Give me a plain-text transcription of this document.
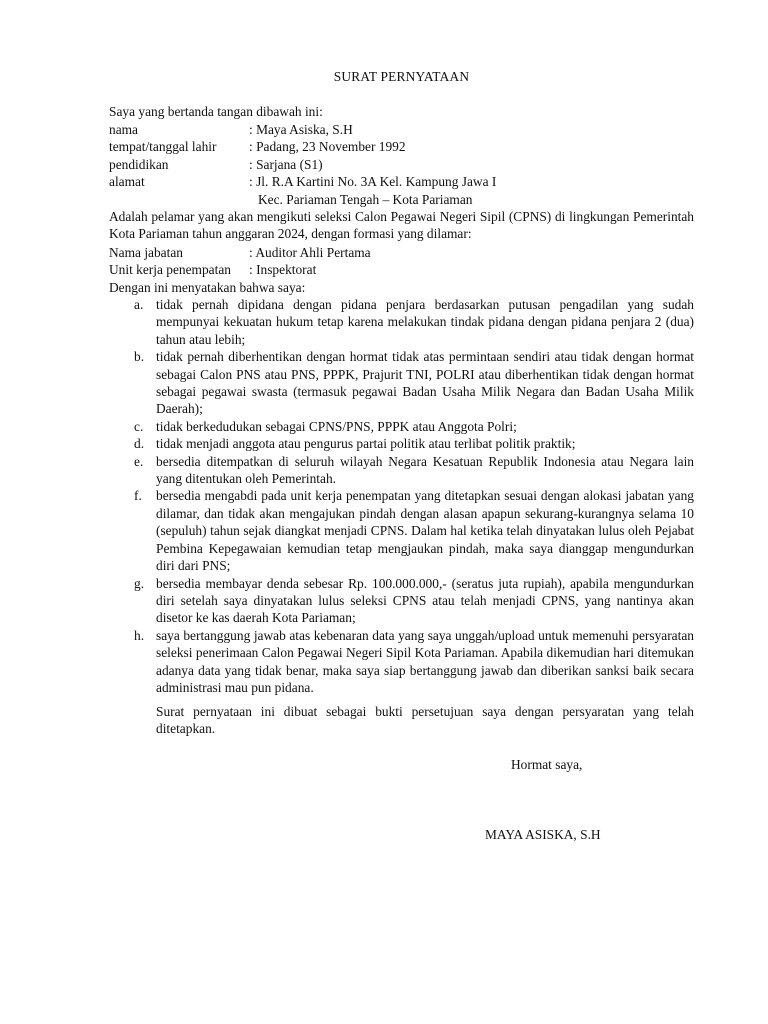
SURAT PERNYATAAN
Saya yang bertanda tangan dibawah ini:
nama	: Maya Asiska, S.H
tempat/tanggal lahir	: Padang, 23 November 1992
pendidikan	: Sarjana (S1)
alamat	: Jl. R.A Kartini No. 3A Kel. Kampung Jawa I
Kec. Pariaman Tengah – Kota Pariaman
Adalah pelamar yang akan mengikuti seleksi Calon Pegawai Negeri Sipil (CPNS) di lingkungan Pemerintah Kota Pariaman tahun anggaran 2024, dengan formasi yang dilamar:
Nama jabatan	: Auditor Ahli Pertama
Unit kerja penempatan	: Inspektorat
Dengan ini menyatakan bahwa saya:
a. tidak pernah dipidana dengan pidana penjara berdasarkan putusan pengadilan yang sudah mempunyai kekuatan hukum tetap karena melakukan tindak pidana dengan pidana penjara 2 (dua) tahun atau lebih;
b. tidak pernah diberhentikan dengan hormat tidak atas permintaan sendiri atau tidak dengan hormat sebagai Calon PNS atau PNS, PPPK, Prajurit TNI, POLRI atau diberhentikan tidak dengan hormat sebagai pegawai swasta (termasuk pegawai Badan Usaha Milik Negara dan Badan Usaha Milik Daerah);
c. tidak berkedudukan sebagai CPNS/PNS, PPPK atau Anggota Polri;
d. tidak menjadi anggota atau pengurus partai politik atau terlibat politik praktik;
e. bersedia ditempatkan di seluruh wilayah Negara Kesatuan Republik Indonesia atau Negara lain yang ditentukan oleh Pemerintah.
f.	bersedia mengabdi pada unit kerja penempatan yang ditetapkan sesuai dengan alokasi jabatan yang dilamar, dan tidak akan mengajukan pindah dengan alasan apapun sekurang-kurangnya selama 10 (sepuluh) tahun sejak diangkat menjadi CPNS. Dalam hal ketika telah dinyatakan lulus oleh Pejabat Pembina Kepegawaian kemudian tetap mengjaukan pindah, maka saya dianggap mengundurkan diri dari PNS;
g. bersedia membayar denda sebesar Rp. 100.000.000,- (seratus juta rupiah), apabila mengundurkan diri setelah saya dinyatakan lulus seleksi CPNS atau telah menjadi CPNS, yang nantinya akan disetor ke kas daerah Kota Pariaman;
h. saya bertanggung jawab atas kebenaran data yang saya unggah/upload untuk memenuhi persyaratan seleksi penerimaan Calon Pegawai Negeri Sipil Kota Pariaman. Apabila dikemudian hari ditemukan adanya data yang tidak benar, maka saya siap bertanggung jawab dan diberikan sanksi baik secara administrasi mau pun pidana.
Surat pernyataan ini dibuat sebagai bukti persetujuan saya dengan persyaratan yang telah ditetapkan.
Hormat saya,
MAYA ASISKA, S.H
